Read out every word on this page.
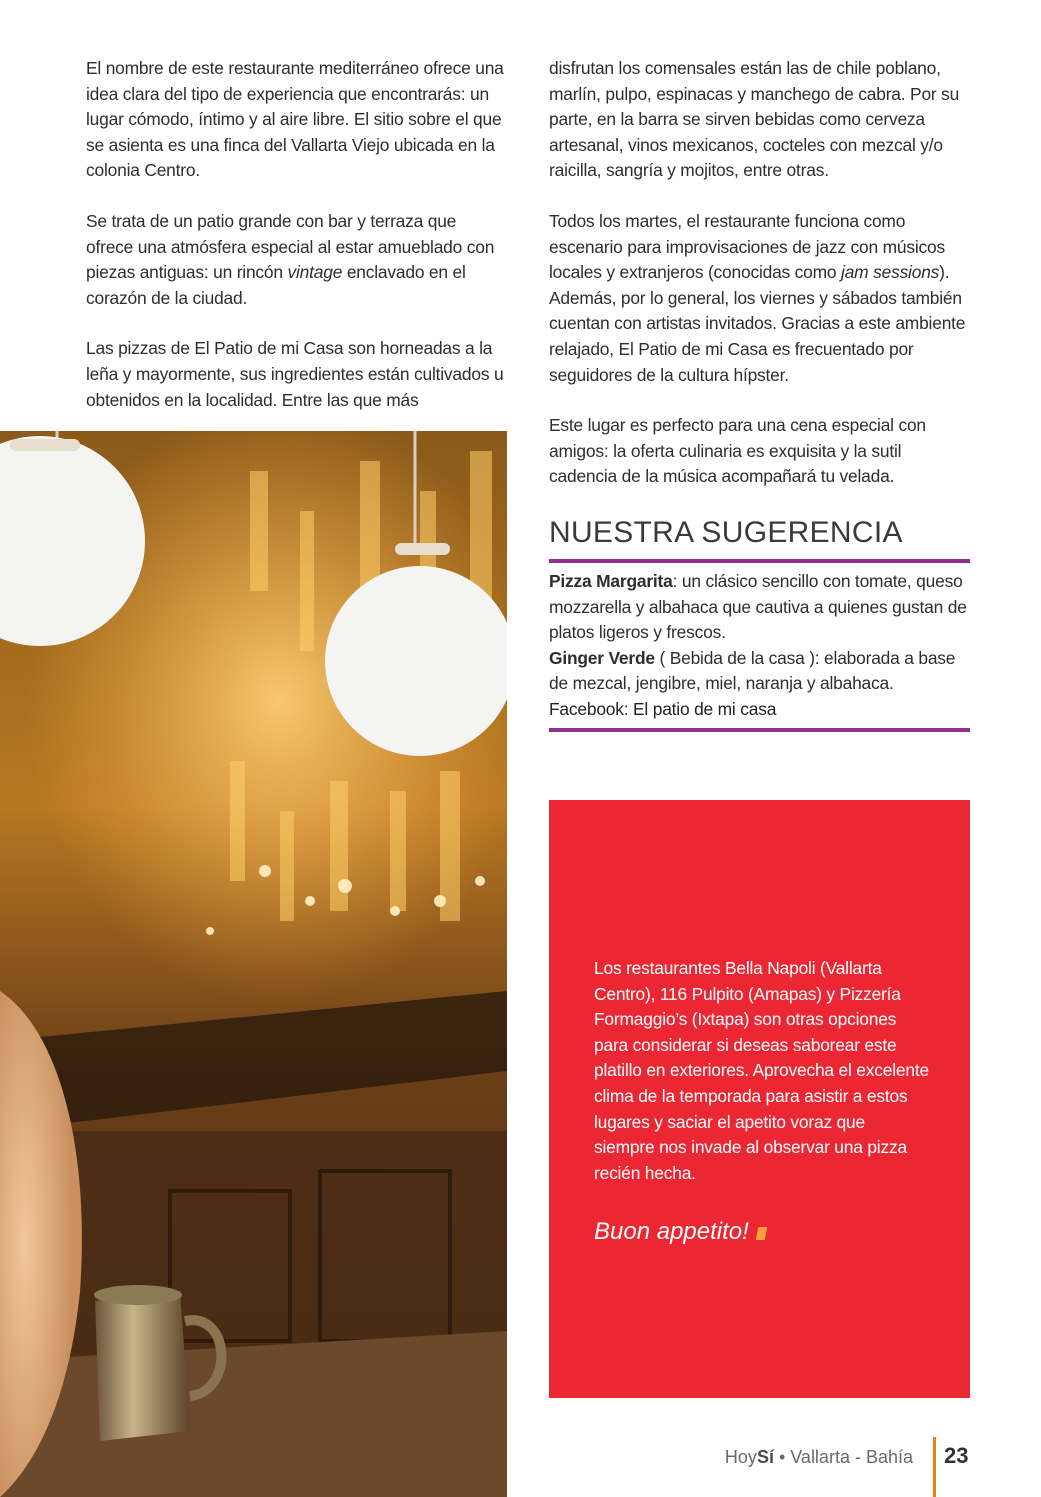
El nombre de este restaurante mediterráneo ofrece una idea clara del tipo de experiencia que encontrarás: un lugar cómodo, íntimo y al aire libre. El sitio sobre el que se asienta es una finca del Vallarta Viejo ubicada en la colonia Centro.

Se trata de un patio grande con bar y terraza que ofrece una atmósfera especial al estar amueblado con piezas antiguas: un rincón vintage enclavado en el corazón de la ciudad.

Las pizzas de El Patio de mi Casa son horneadas a la leña y mayormente, sus ingredientes están cultivados u obtenidos en la localidad. Entre las que más

disfrutan los comensales están las de chile poblano, marlín, pulpo, espinacas y manchego de cabra. Por su parte, en la barra se sirven bebidas como cerveza artesanal, vinos mexicanos, cocteles con mezcal y/o raicilla, sangría y mojitos, entre otras.

Todos los martes, el restaurante funciona como escenario para improvisaciones de jazz con músicos locales y extranjeros (conocidas como jam sessions). Además, por lo general, los viernes y sábados también cuentan con artistas invitados. Gracias a este ambiente relajado, El Patio de mi Casa es frecuentado por seguidores de la cultura hípster.

Este lugar es perfecto para una cena especial con amigos: la oferta culinaria es exquisita y la sutil cadencia de la música acompañará tu velada.

NUESTRA SUGERENCIA
Pizza Margarita: un clásico sencillo con tomate, queso mozzarella y albahaca que cautiva a quienes gustan de platos ligeros y frescos.
Ginger Verde ( Bebida de la casa ): elaborada a base de mezcal, jengibre, miel, naranja y albahaca.
Facebook: El patio de mi casa
Los restaurantes Bella Napoli (Vallarta Centro), 116 Pulpito (Amapas) y Pizzería Formaggio’s (Ixtapa) son otras opciones para considerar si deseas saborear este platillo en exteriores. Aprovecha el excelente clima de la temporada para asistir a estos lugares y saciar el apetito voraz que siempre nos invade al observar una pizza recién hecha.
Buon appetito!
HoySí • Vallarta - Bahía 23
